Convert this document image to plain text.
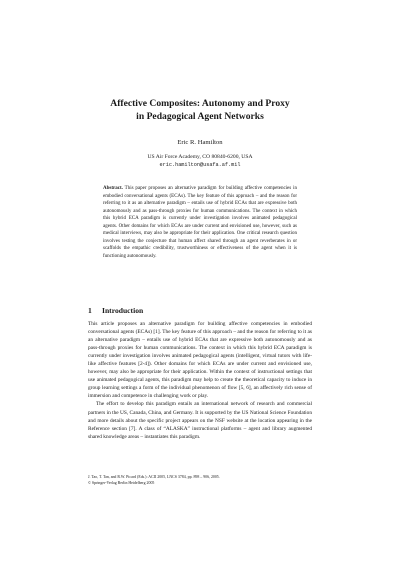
Affective Composites: Autonomy and Proxy
in Pedagogical Agent Networks
Eric R. Hamilton
US Air Force Academy, CO 80840-6200, USA
eric.hamilton@usafa.af.mil
Abstract. This paper proposes an alternative paradigm for building affective competencies in embodied conversational agents (ECAs). The key feature of this approach – and the reason for referring to it as an alternative paradigm – entails use of hybrid ECAs that are expressive both autonomously and as pass-through proxies for human communications. The context in which this hybrid ECA paradigm is currently under investigation involves animated pedagogical agents. Other domains for which ECAs are under current and envisioned use, however, such as medical interviews, may also be appropriate for their application. One critical research question involves testing the conjecture that human affect shared through an agent reverberates in or scaffolds the empathic credibility, trustworthiness or effectiveness of the agent when it is functioning autonomously.
1 Introduction

This article proposes an alternative paradigm for building affective competencies in embodied conversational agents (ECAs) [1]. The key feature of this approach – and the reason for referring to it as an alternative paradigm – entails use of hybrid ECAs that are expressive both autonomously and as pass-through proxies for human communications. The context in which this hybrid ECA paradigm is currently under investigation involves animated pedagogical agents (intelligent, virtual tutors with life-like affective features [2-4]). Other domains for which ECAs are under current and envisioned use, however, may also be appropriate for their application. Within the context of instructional settings that use animated pedagogical agents, this paradigm may help to create the theoretical capacity to induce in group learning settings a form of the individual phenomenon of flow [5, 6], an affectively rich sense of immersion and competence in challenging work or play.

The effort to develop this paradigm entails an international network of research and commercial partners in the US, Canada, China, and Germany. It is supported by the US National Science Foundation and more details about the specific project appears on the NSF website at the location appearing in the Reference section [7]. A class of “ALASKA” instructional platforms – agent and library augmented shared knowledge areas – instantiates this paradigm.

J. Tao, T. Tan, and R.W. Picard (Eds.): ACII 2005, LNCS 3784, pp. 898 – 906, 2005.
© Springer-Verlag Berlin Heidelberg 2005
